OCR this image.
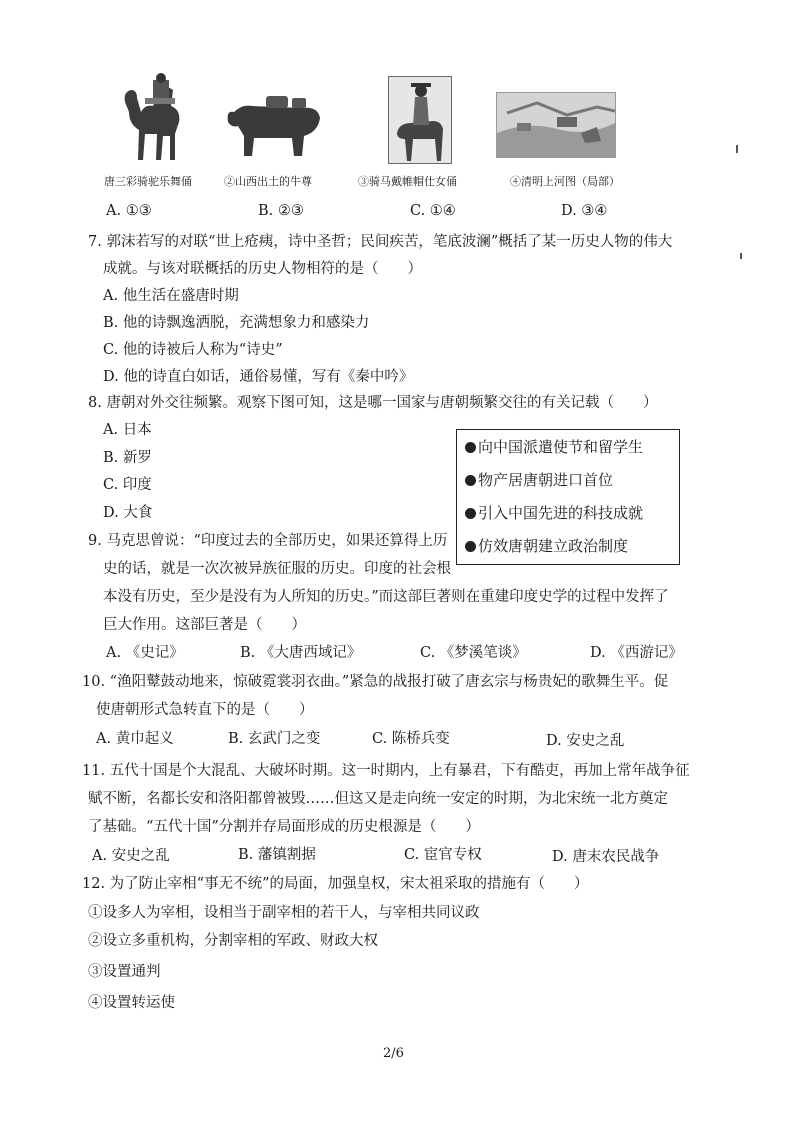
唐三彩骑驼乐舞俑	②山西出土的牛尊	③骑马戴帷帽仕女俑	④清明上河图（局部）
A. ①③	B. ②③	C. ①④	D. ③④
7. 郭沫若写的对联“世上疮痍，诗中圣哲；民间疾苦，笔底波澜”概括了某一历史人物的伟大
成就。与该对联概括的历史人物相符的是（　　）
A. 他生活在盛唐时期
B. 他的诗飘逸洒脱，充满想象力和感染力
C. 他的诗被后人称为“诗史”
D. 他的诗直白如话，通俗易懂，写有《秦中吟》
8. 唐朝对外交往频繁。观察下图可知，这是哪一国家与唐朝频繁交往的有关记载（　　）
A. 日本
B. 新罗
C. 印度
D. 大食
向中国派遣使节和留学生
物产居唐朝进口首位
引入中国先进的科技成就
仿效唐朝建立政治制度
9. 马克思曾说：“印度过去的全部历史，如果还算得上历
史的话，就是一次次被异族征服的历史。印度的社会根
本没有历史，至少是没有为人所知的历史。”而这部巨著则在重建印度史学的过程中发挥了
巨大作用。这部巨著是（　　）
A. 《史记》	B. 《大唐西域记》	C. 《梦溪笔谈》	D. 《西游记》
10. “渔阳鼙鼓动地来，惊破霓裳羽衣曲。”紧急的战报打破了唐玄宗与杨贵妃的歌舞生平。促
使唐朝形式急转直下的是（　　）
A. 黄巾起义	B. 玄武门之变	C. 陈桥兵变	D. 安史之乱
11. 五代十国是个大混乱、大破坏时期。这一时期内，上有暴君，下有酷吏，再加上常年战争征
赋不断，名都长安和洛阳都曾被毁……但这又是走向统一安定的时期，为北宋统一北方奠定
了基础。“五代十国”分割并存局面形成的历史根源是（　　）
A. 安史之乱	B. 藩镇割据	C. 宦官专权	D. 唐末农民战争
12. 为了防止宰相“事无不统”的局面，加强皇权，宋太祖采取的措施有（　　）
①设多人为宰相，设相当于副宰相的若干人，与宰相共同议政
②设立多重机构，分割宰相的军政、财政大权
③设置通判
④设置转运使
2/6
